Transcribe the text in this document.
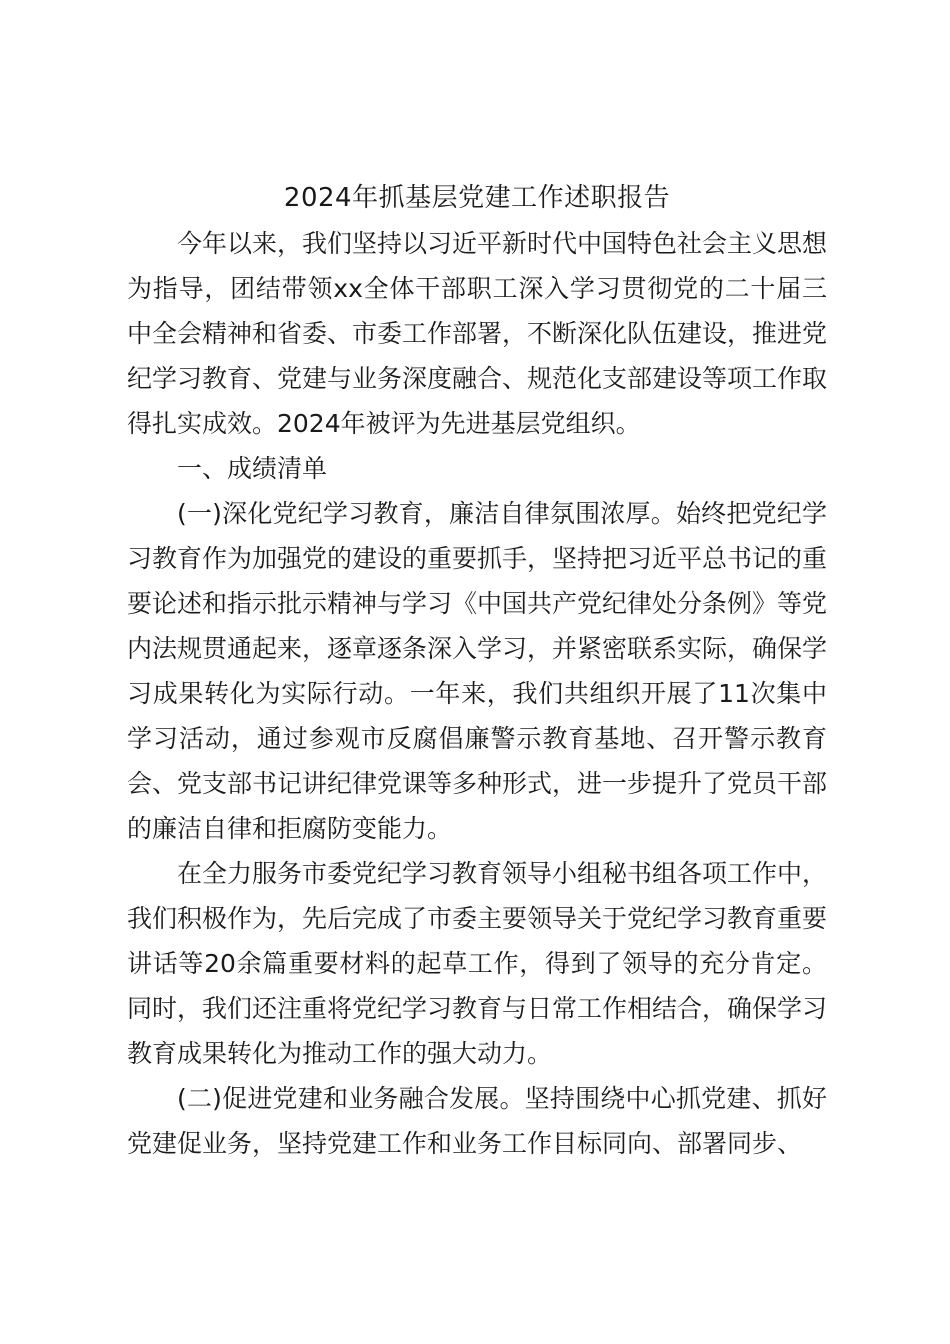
2024年抓基层党建工作述职报告

今年以来，我们坚持以习近平新时代中国特色社会主义思想为指导，团结带领xx全体干部职工深入学习贯彻党的二十届三中全会精神和省委、市委工作部署，不断深化队伍建设，推进党纪学习教育、党建与业务深度融合、规范化支部建设等项工作取得扎实成效。2024年被评为先进基层党组织。

一、成绩清单

(一)深化党纪学习教育，廉洁自律氛围浓厚。始终把党纪学习教育作为加强党的建设的重要抓手，坚持把习近平总书记的重要论述和指示批示精神与学习《中国共产党纪律处分条例》等党内法规贯通起来，逐章逐条深入学习，并紧密联系实际，确保学习成果转化为实际行动。一年来，我们共组织开展了11次集中学习活动，通过参观市反腐倡廉警示教育基地、召开警示教育会、党支部书记讲纪律党课等多种形式，进一步提升了党员干部的廉洁自律和拒腐防变能力。

在全力服务市委党纪学习教育领导小组秘书组各项工作中，我们积极作为，先后完成了市委主要领导关于党纪学习教育重要讲话等20余篇重要材料的起草工作，得到了领导的充分肯定。同时，我们还注重将党纪学习教育与日常工作相结合，确保学习教育成果转化为推动工作的强大动力。

(二)促进党建和业务融合发展。坚持围绕中心抓党建、抓好党建促业务，坚持党建工作和业务工作目标同向、部署同步、
